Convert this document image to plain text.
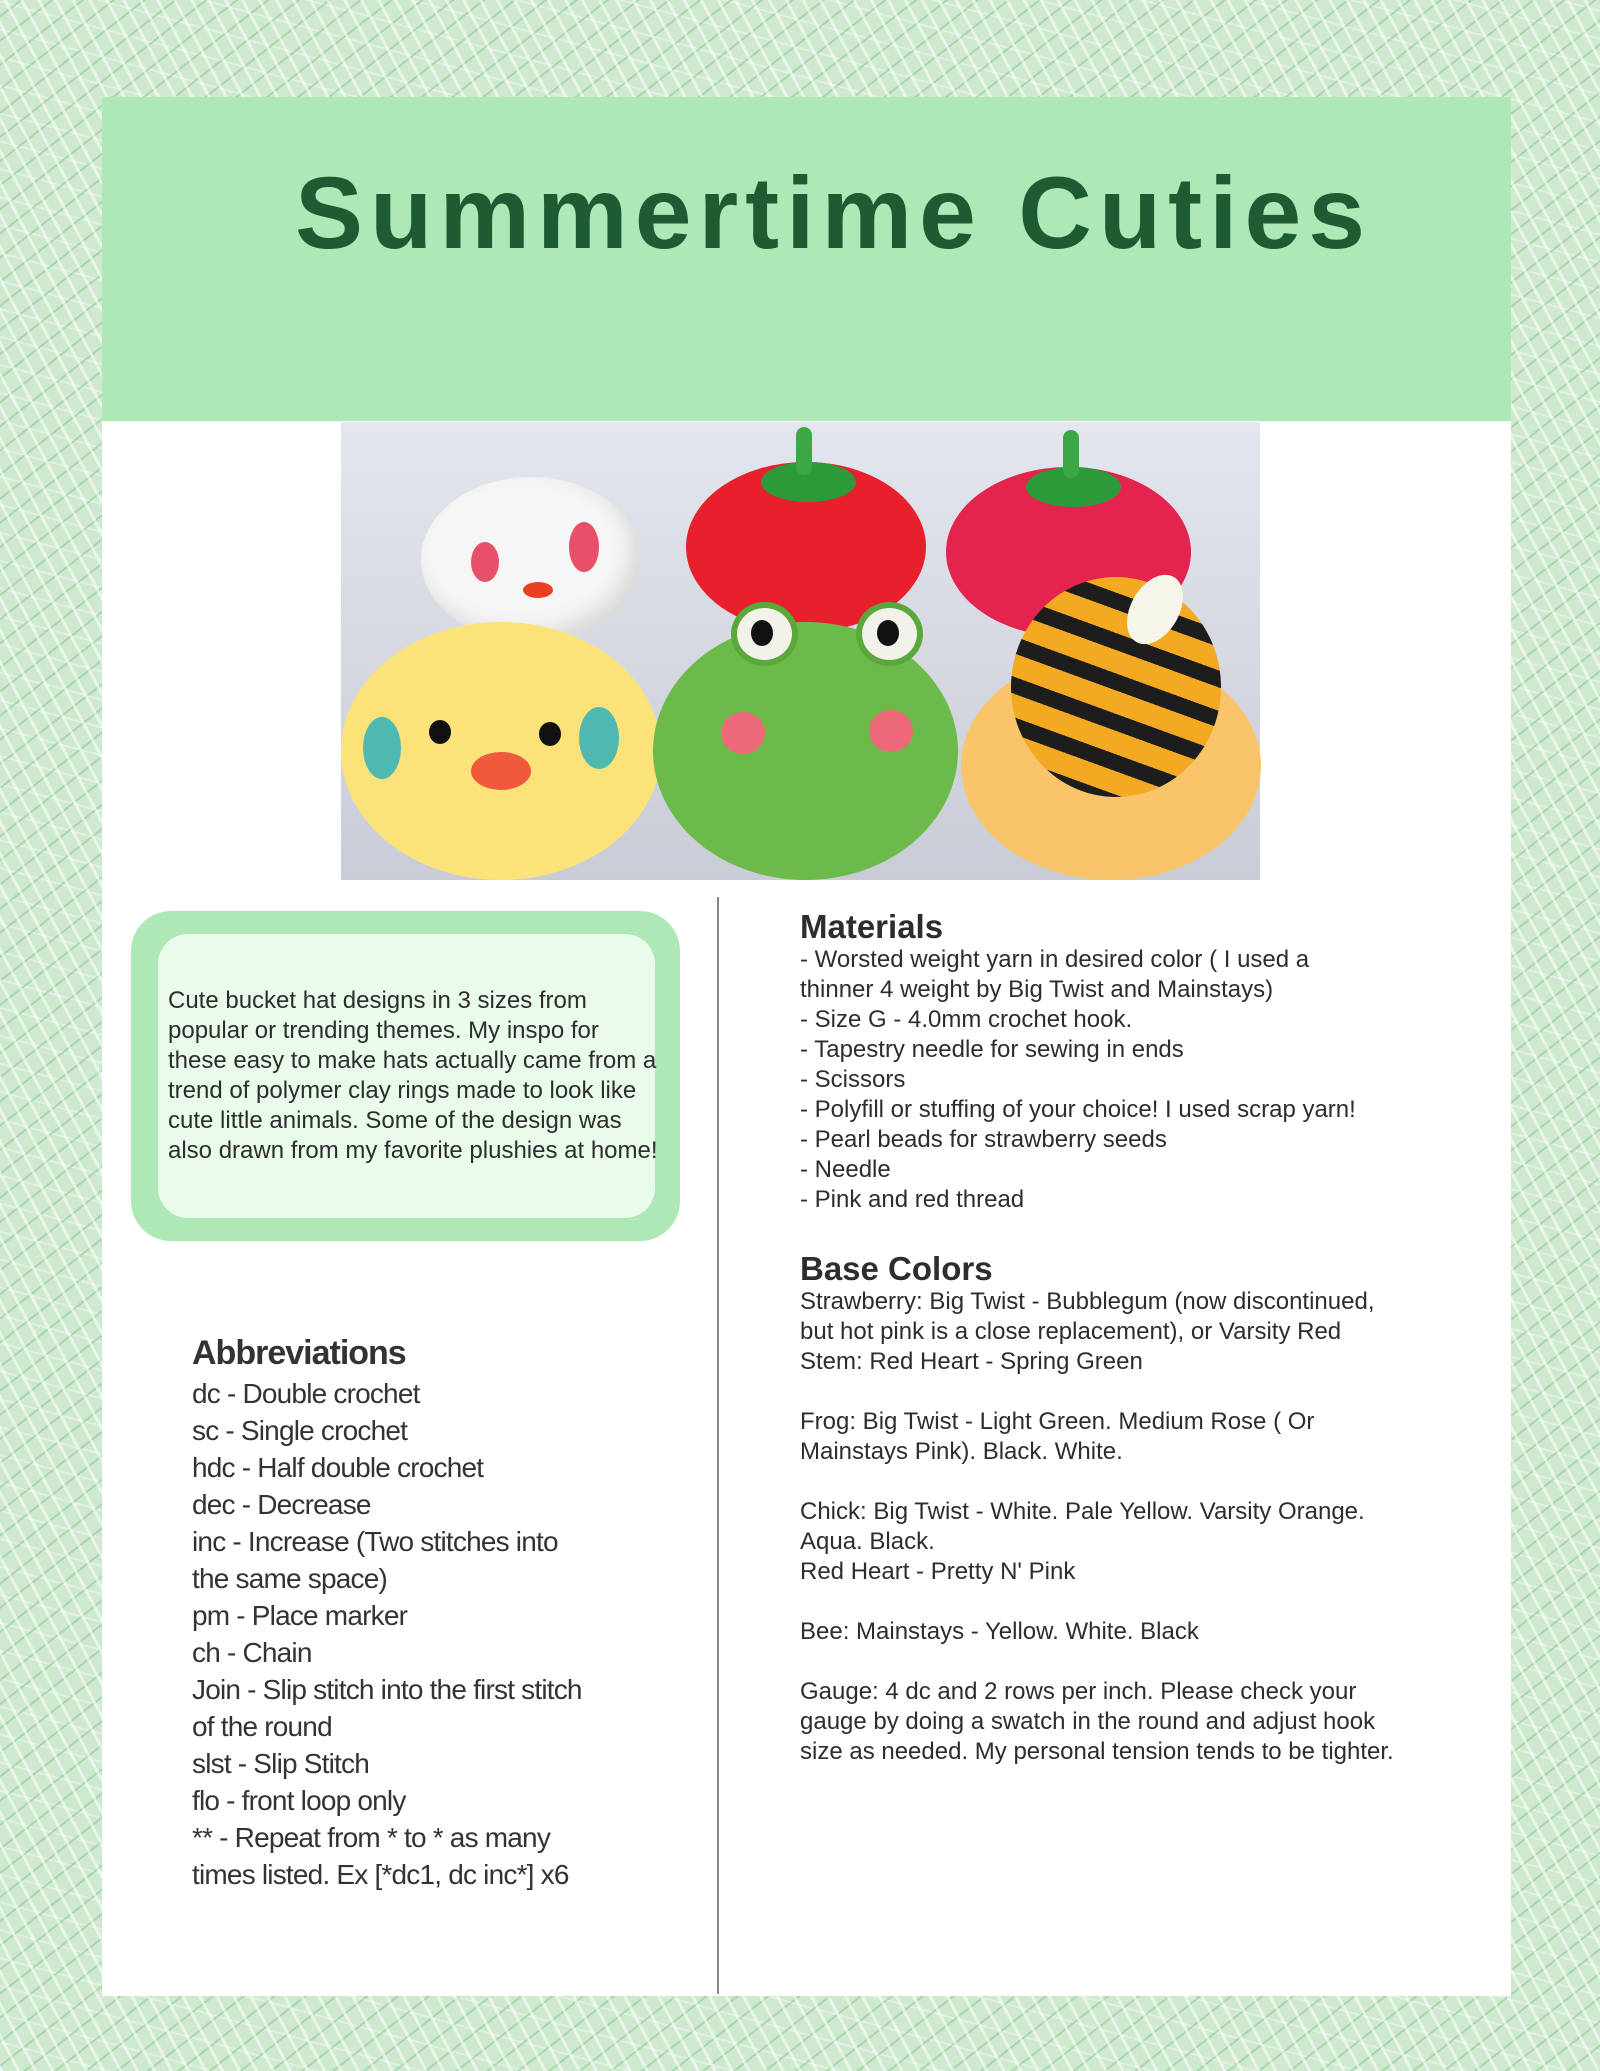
Summertime Cuties

Cute bucket hat designs in 3 sizes from popular or trending themes. My inspo for these easy to make hats actually came from a trend of polymer clay rings made to look like cute little animals. Some of the design was also drawn from my favorite plushies at home!

Abbreviations
dc - Double crochet
sc - Single crochet
hdc - Half double crochet
dec - Decrease
inc - Increase (Two stitches into
the same space)
pm - Place marker
ch - Chain
Join - Slip stitch into the first stitch
of the round
slst - Slip Stitch
flo - front loop only
** - Repeat from * to * as many
times listed. Ex [*dc1, dc inc*] x6
Materials
- Worsted weight yarn in desired color ( I used a
thinner 4 weight by Big Twist and Mainstays)
- Size G - 4.0mm crochet hook.
- Tapestry needle for sewing in ends
- Scissors
- Polyfill or stuffing of your choice! I used scrap yarn!
- Pearl beads for strawberry seeds
- Needle
- Pink and red thread
Base Colors
Strawberry: Big Twist - Bubblegum (now discontinued,
but hot pink is a close replacement), or Varsity Red
Stem: Red Heart - Spring Green
Frog: Big Twist - Light Green. Medium Rose ( Or
Mainstays Pink). Black. White.
Chick: Big Twist - White. Pale Yellow. Varsity Orange.
Aqua. Black.
Red Heart - Pretty N' Pink
Bee: Mainstays - Yellow. White. Black
Gauge: 4 dc and 2 rows per inch. Please check your
gauge by doing a swatch in the round and adjust hook
size as needed. My personal tension tends to be tighter.
